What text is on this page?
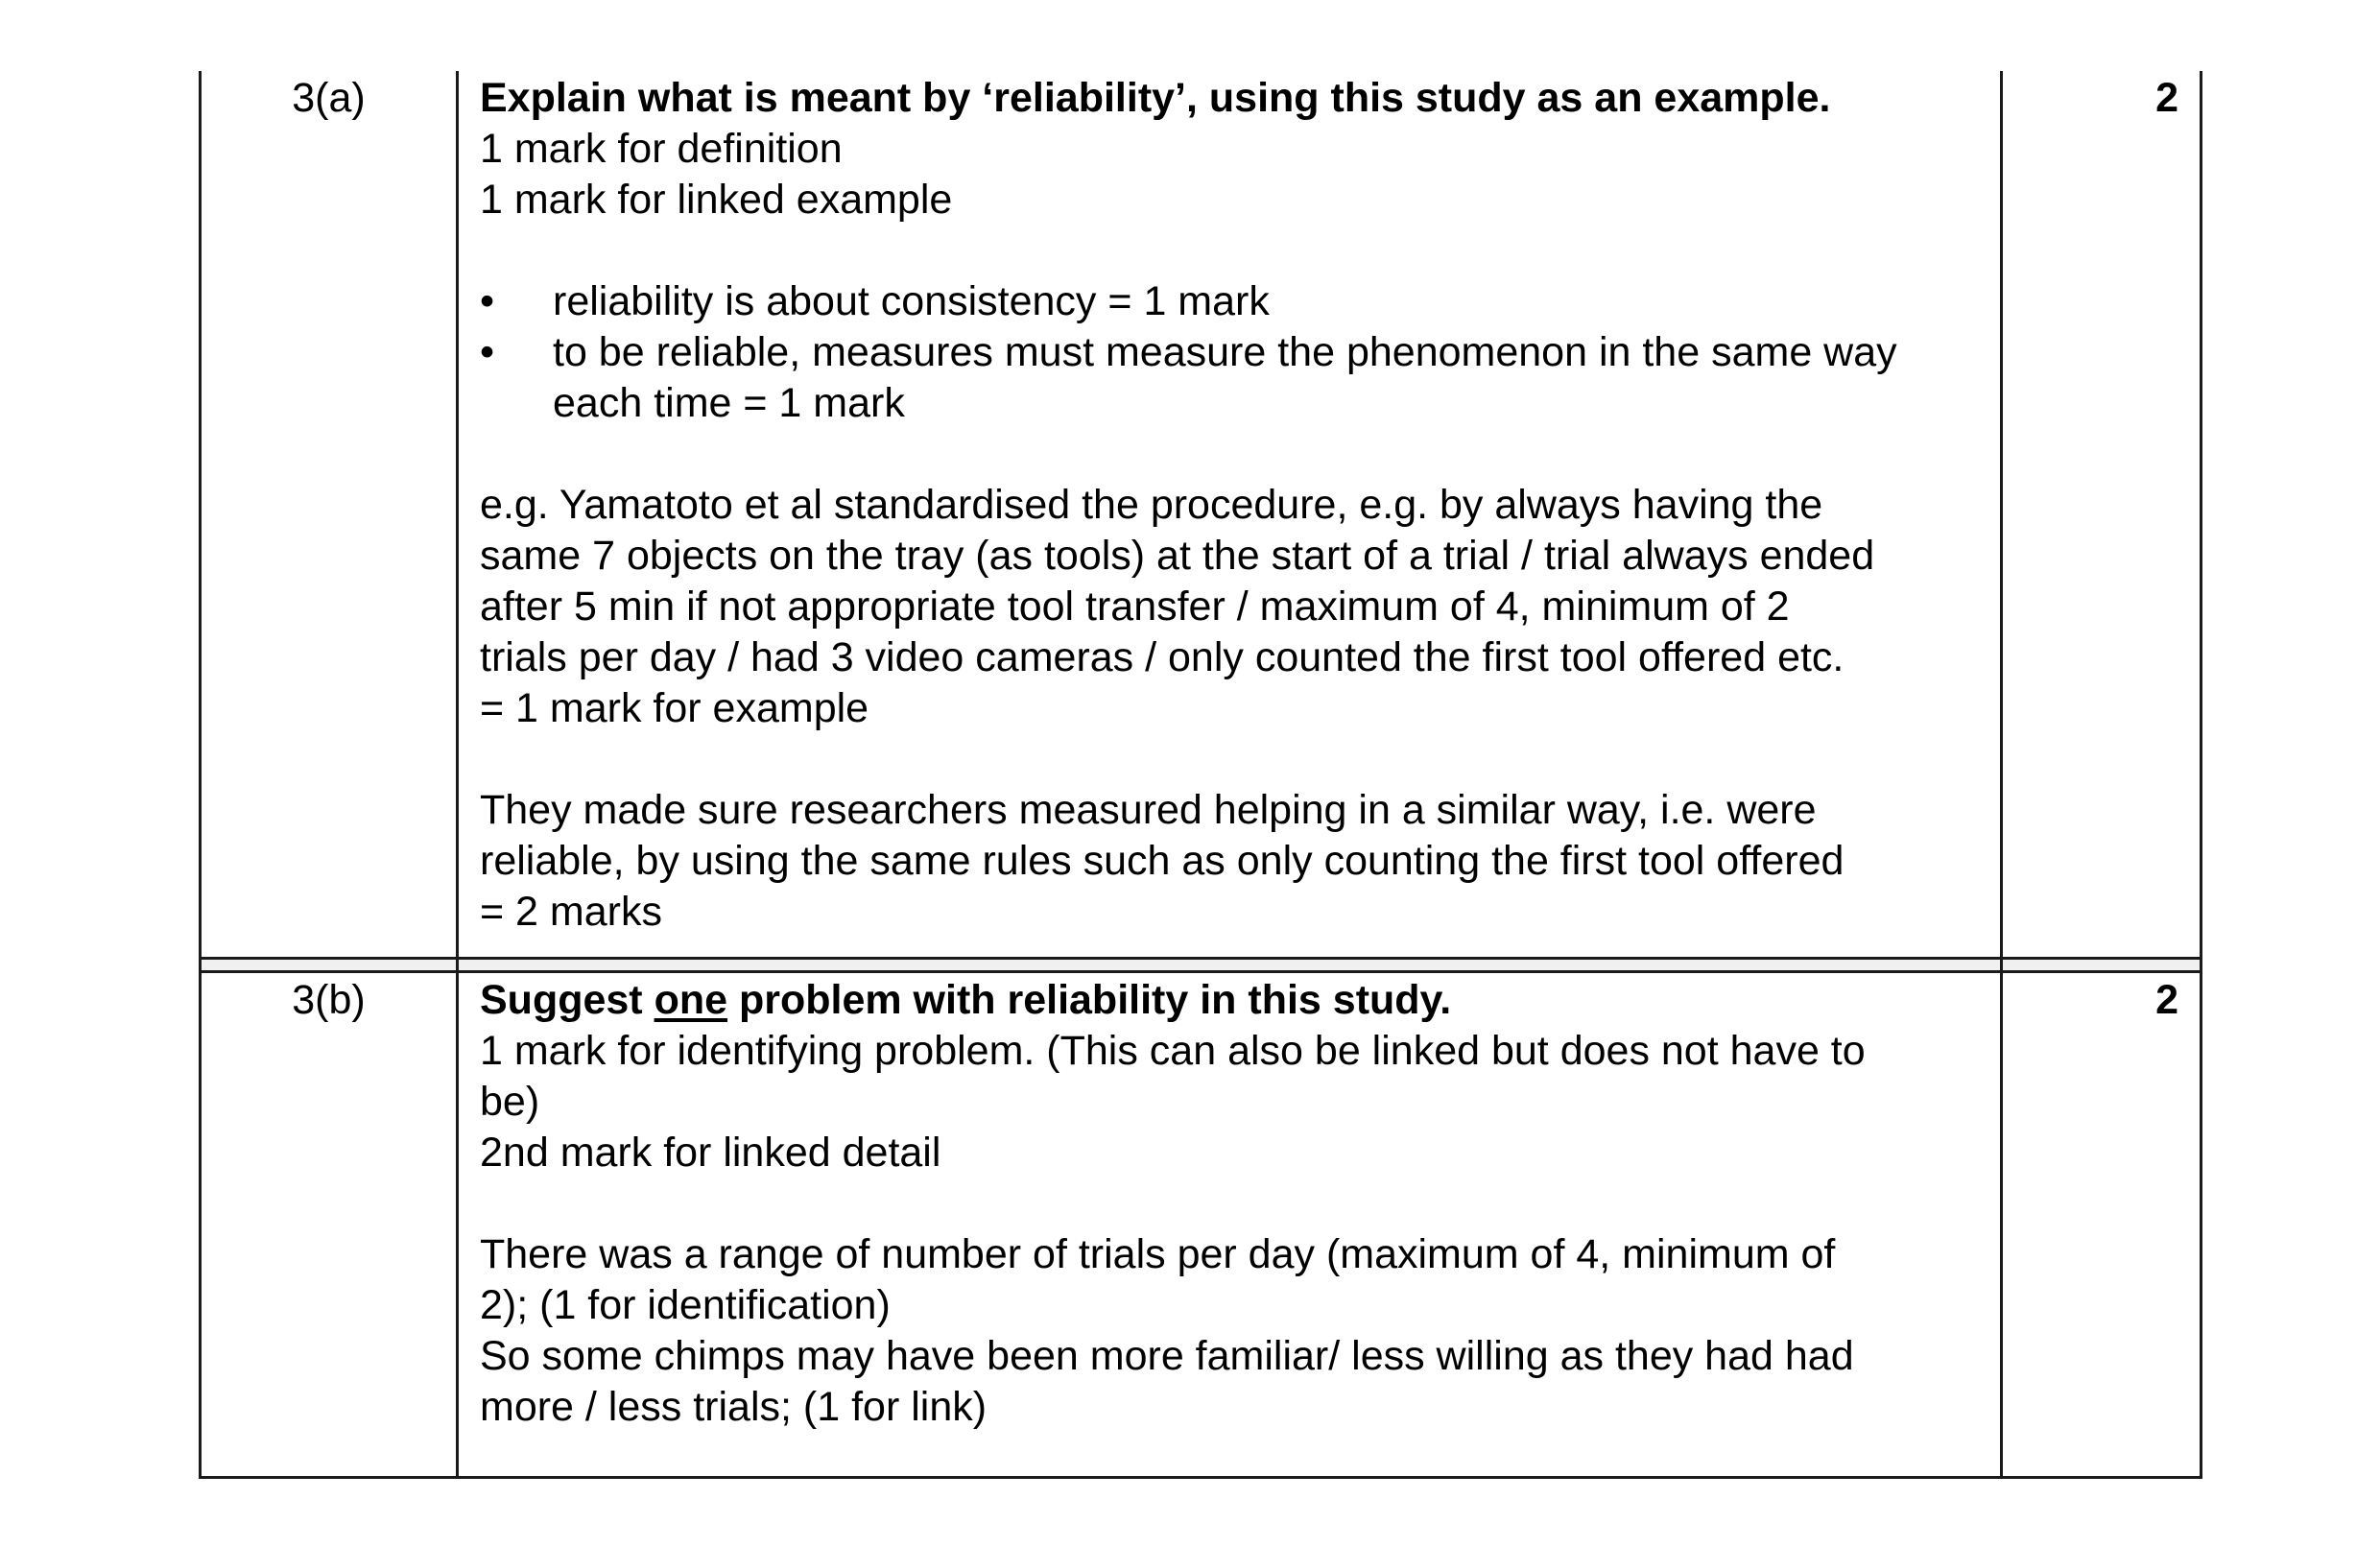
3(a)	Explain what is meant by ‘reliability’, using this study as an example.
1 mark for definition
1 mark for linked example
• reliability is about consistency = 1 mark
• to be reliable, measures must measure the phenomenon in the same way each time = 1 mark
e.g. Yamatoto et al standardised the procedure, e.g. by always having the
same 7 objects on the tray (as tools) at the start of a trial / trial always ended
after 5 min if not appropriate tool transfer / maximum of 4, minimum of 2
trials per day / had 3 video cameras / only counted the first tool offered etc.
= 1 mark for example
They made sure researchers measured helping in a similar way, i.e. were
reliable, by using the same rules such as only counting the first tool offered
= 2 marks
2
3(b)	Suggest one problem with reliability in this study.
1 mark for identifying problem. (This can also be linked but does not have to
be)
2nd mark for linked detail
There was a range of number of trials per day (maximum of 4, minimum of
2); (1 for identification)
So some chimps may have been more familiar/ less willing as they had had
more / less trials; (1 for link)
2
